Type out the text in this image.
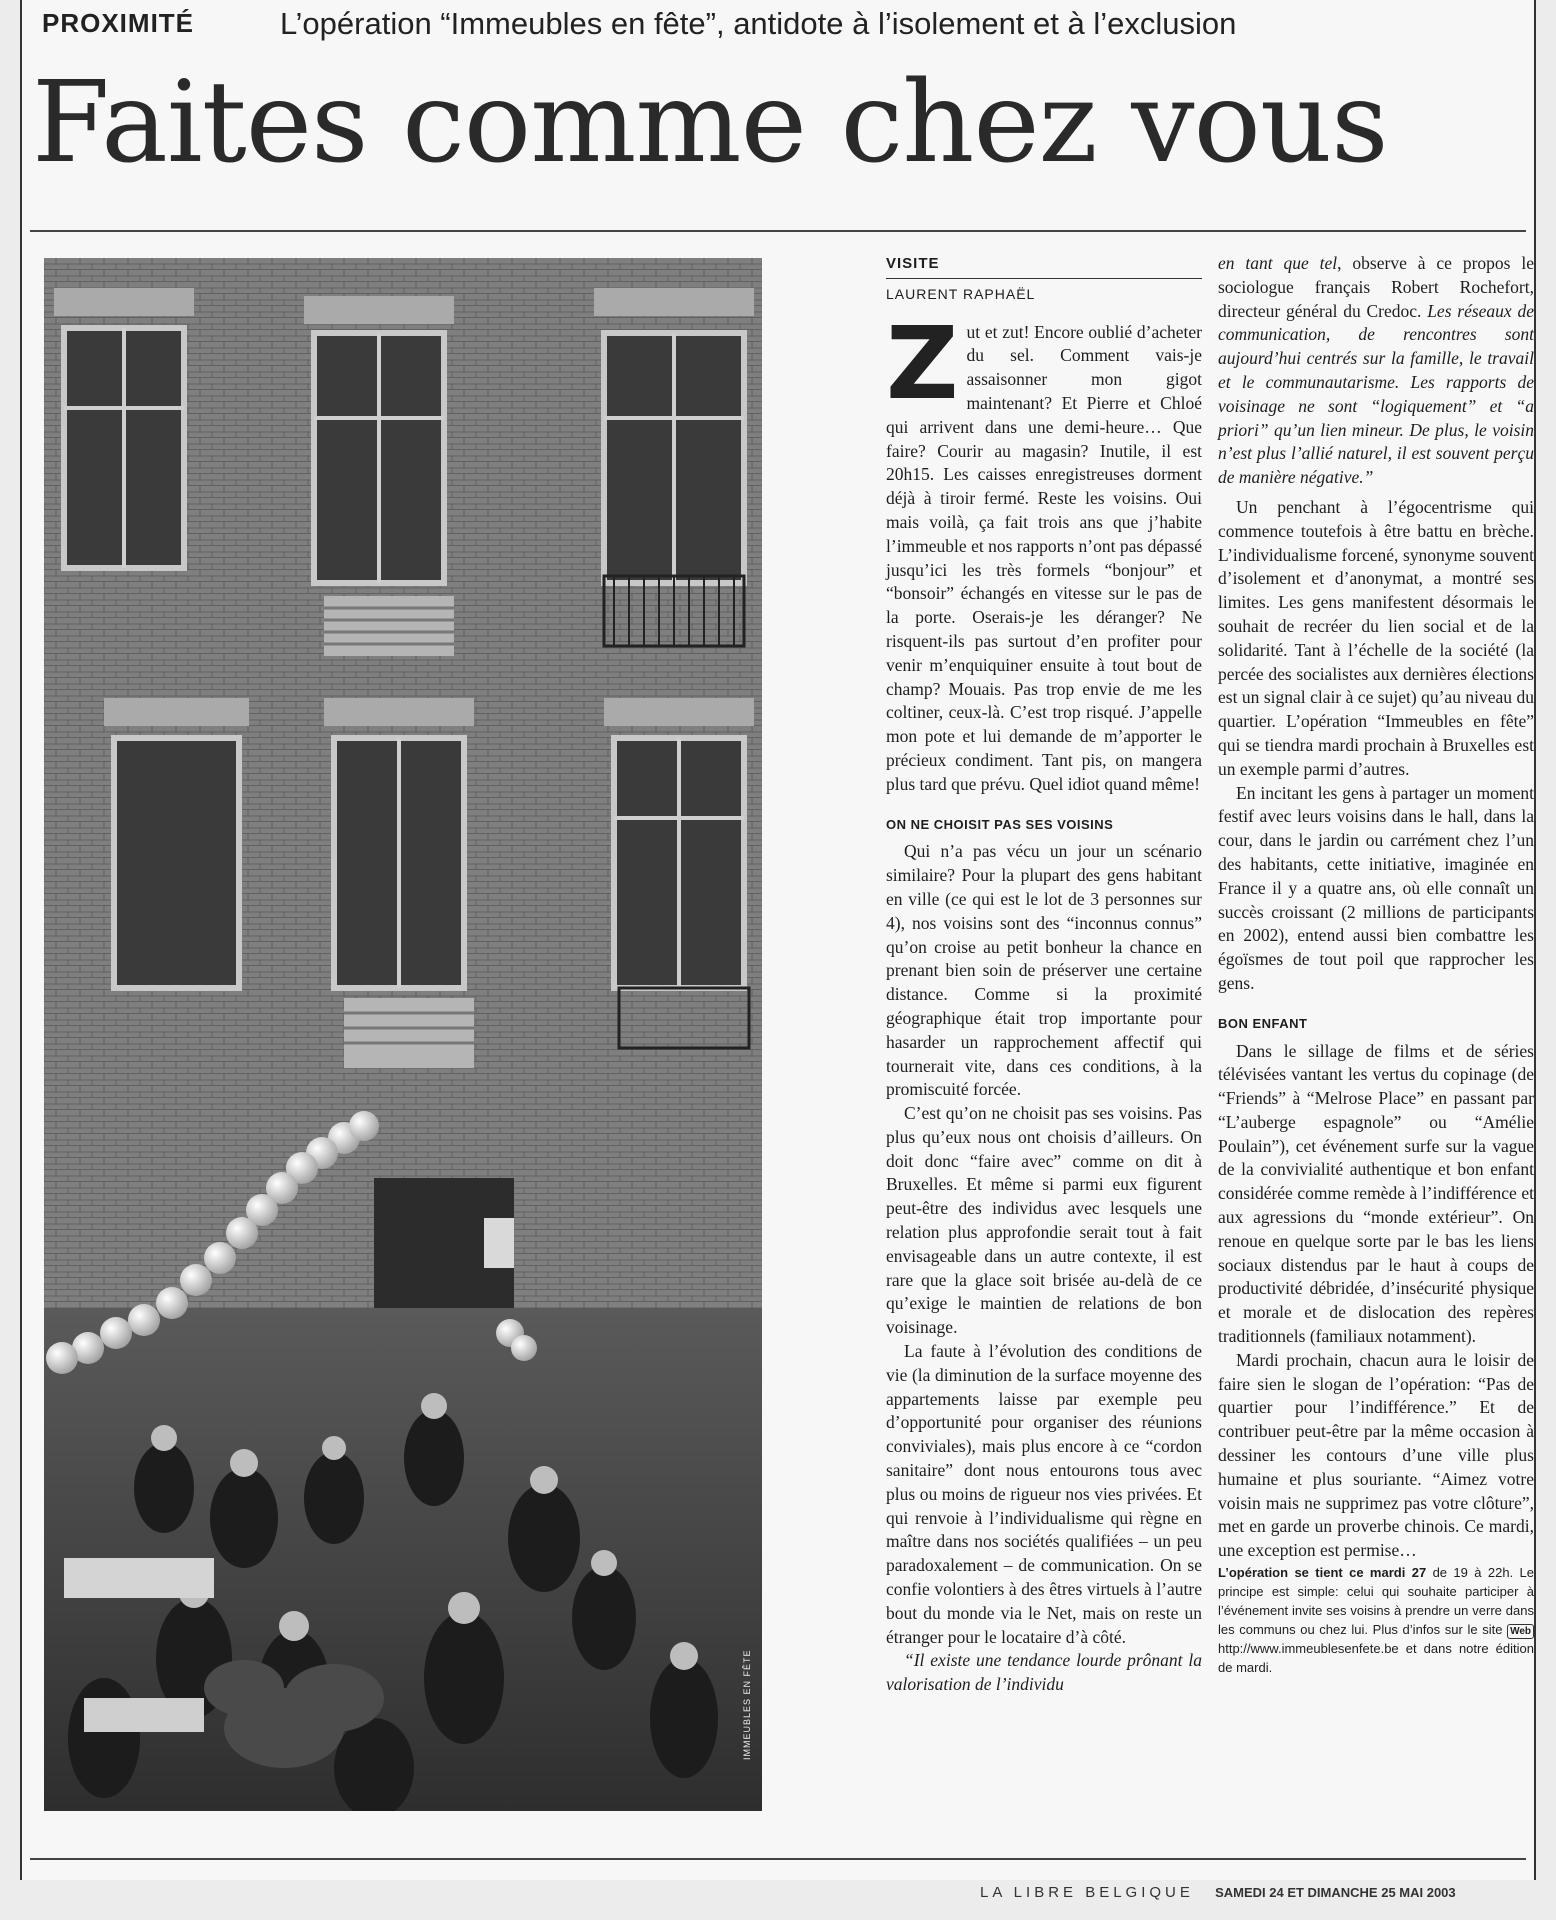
PROXIMITÉ	L’opération “Immeubles en fête”, antidote à l’isolement et à l’exclusion
Faites comme chez vous
IMMEUBLES EN FÊTE
VISITE
LAURENT RAPHAËL

Zut et zut! Encore oublié d’acheter du sel. Comment vais-je assaisonner mon gigot maintenant? Et Pierre et Chloé qui arrivent dans une demi-heure… Que faire? Courir au magasin? Inutile, il est 20h15. Les caisses enregistreuses dorment déjà à tiroir fermé. Reste les voisins. Oui mais voilà, ça fait trois ans que j’habite l’immeuble et nos rapports n’ont pas dépassé jusqu’ici les très formels “bonjour” et “bonsoir” échangés en vitesse sur le pas de la porte. Oserais-je les déranger? Ne risquent-ils pas surtout d’en profiter pour venir m’enquiquiner ensuite à tout bout de champ? Mouais. Pas trop envie de me les coltiner, ceux-là. C’est trop risqué. J’appelle mon pote et lui demande de m’apporter le précieux condiment. Tant pis, on mangera plus tard que prévu. Quel idiot quand même!

ON NE CHOISIT PAS SES VOISINS

Qui n’a pas vécu un jour un scénario similaire? Pour la plupart des gens habitant en ville (ce qui est le lot de 3 personnes sur 4), nos voisins sont des “inconnus connus” qu’on croise au petit bonheur la chance en prenant bien soin de préserver une certaine distance. Comme si la proximité géographique était trop importante pour hasarder un rapprochement affectif qui tournerait vite, dans ces conditions, à la promiscuité forcée.

C’est qu’on ne choisit pas ses voisins. Pas plus qu’eux nous ont choisis d’ailleurs. On doit donc “faire avec” comme on dit à Bruxelles. Et même si parmi eux figurent peut-être des individus avec lesquels une relation plus approfondie serait tout à fait envisageable dans un autre contexte, il est rare que la glace soit brisée au-delà de ce qu’exige le maintien de relations de bon voisinage.

La faute à l’évolution des conditions de vie (la diminution de la surface moyenne des appartements laisse par exemple peu d’opportunité pour organiser des réunions conviviales), mais plus encore à ce “cordon sanitaire” dont nous entourons tous avec plus ou moins de rigueur nos vies privées. Et qui renvoie à l’individualisme qui règne en maître dans nos sociétés qualifiées – un peu paradoxalement – de communication. On se confie volontiers à des êtres virtuels à l’autre bout du monde via le Net, mais on reste un étranger pour le locataire d’à côté.

“Il existe une tendance lourde prônant la valorisation de l’individu

en tant que tel, observe à ce propos le sociologue français Robert Rochefort, directeur général du Credoc. Les réseaux de communication, de rencontres sont aujourd’hui centrés sur la famille, le travail et le communautarisme. Les rapports de voisinage ne sont “logiquement” et “a priori” qu’un lien mineur. De plus, le voisin n’est plus l’allié naturel, il est souvent perçu de manière négative.”

Un penchant à l’égocentrisme qui commence toutefois à être battu en brèche. L’individualisme forcené, synonyme souvent d’isolement et d’anonymat, a montré ses limites. Les gens manifestent désormais le souhait de recréer du lien social et de la solidarité. Tant à l’échelle de la société (la percée des socialistes aux dernières élections est un signal clair à ce sujet) qu’au niveau du quartier. L’opération “Immeubles en fête” qui se tiendra mardi prochain à Bruxelles est un exemple parmi d’autres.

En incitant les gens à partager un moment festif avec leurs voisins dans le hall, dans la cour, dans le jardin ou carrément chez l’un des habitants, cette initiative, imaginée en France il y a quatre ans, où elle connaît un succès croissant (2 millions de participants en 2002), entend aussi bien combattre les égoïsmes de tout poil que rapprocher les gens.

BON ENFANT

Dans le sillage de films et de séries télévisées vantant les vertus du copinage (de “Friends” à “Melrose Place” en passant par “L’auberge espagnole” ou “Amélie Poulain”), cet événement surfe sur la vague de la convivialité authentique et bon enfant considérée comme remède à l’indifférence et aux agressions du “monde extérieur”. On renoue en quelque sorte par le bas les liens sociaux distendus par le haut à coups de productivité débridée, d’insécurité physique et morale et de dislocation des repères traditionnels (familiaux notamment).

Mardi prochain, chacun aura le loisir de faire sien le slogan de l’opération: “Pas de quartier pour l’indifférence.” Et de contribuer peut-être par la même occasion à dessiner les contours d’une ville plus humaine et plus souriante. “Aimez votre voisin mais ne supprimez pas votre clôture”, met en garde un proverbe chinois. Ce mardi, une exception est permise…

L’opération se tient ce mardi 27 de 19 à 22h. Le principe est simple: celui qui souhaite participer à l’événement invite ses voisins à prendre un verre dans les communs ou chez lui. Plus d’infos sur le site Web http://www.immeublesenfete.be et dans notre édition de mardi.

LA LIBRE BELGIQUE SAMEDI 24 ET DIMANCHE 25 MAI 2003
